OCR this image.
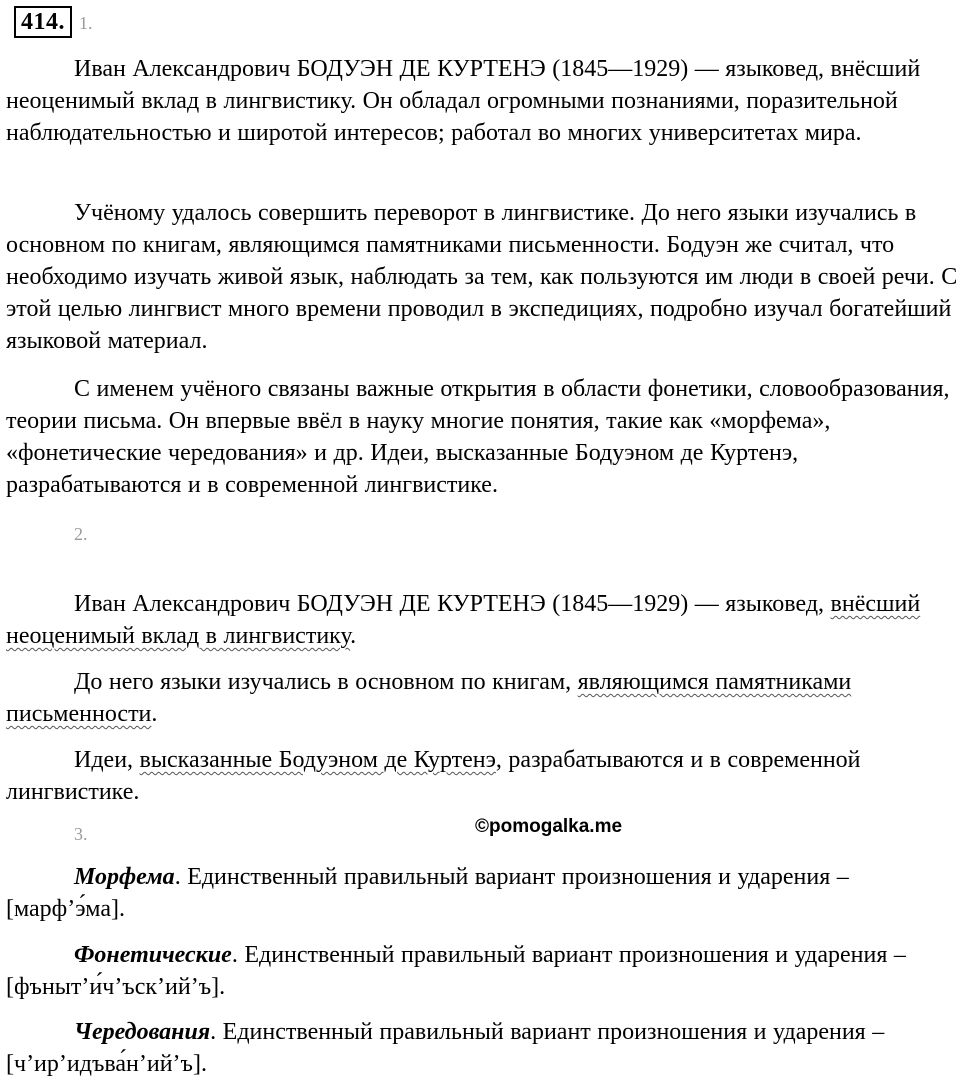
414. 1.

Иван Александрович БОДУЭН ДЕ КУРТЕНЭ (1845—1929) — языковед, внёсший неоценимый вклад в лингвистику. Он обладал огромными познаниями, поразительной наблюдательностью и широтой интересов; работал во многих университетах мира.

Учёному удалось совершить переворот в лингвистике. До него языки изучались в основном по книгам, являющимся памятниками письменности. Бодуэн же считал, что необходимо изучать живой язык, наблюдать за тем, как пользуются им люди в своей речи. С этой целью лингвист много времени проводил в экспедициях, подробно изучал богатейший языковой материал.

С именем учёного связаны важные открытия в области фонетики, словообразования, теории письма. Он впервые ввёл в науку многие понятия, такие как «морфема», «фонетические чередования» и др. Идеи, высказанные Бодуэном де Куртенэ, разрабатываются и в современной лингвистике.

2.

Иван Александрович БОДУЭН ДЕ КУРТЕНЭ (1845—1929) — языковед, внёсший неоценимый вклад в лингвистику.

До него языки изучались в основном по книгам, являющимся памятниками письменности.

Идеи, высказанные Бодуэном де Куртенэ, разрабатываются и в современной лингвистике.

3.	©pomogalka.me

Морфема. Единственный правильный вариант произношения и ударения – [марф’э́ма].

Фонетические. Единственный правильный вариант произношения и ударения – [фъныт’и́ч’ъск’ий’ъ].

Чередования. Единственный правильный вариант произношения и ударения – [ч’ир’идъва́н’ий’ъ].
